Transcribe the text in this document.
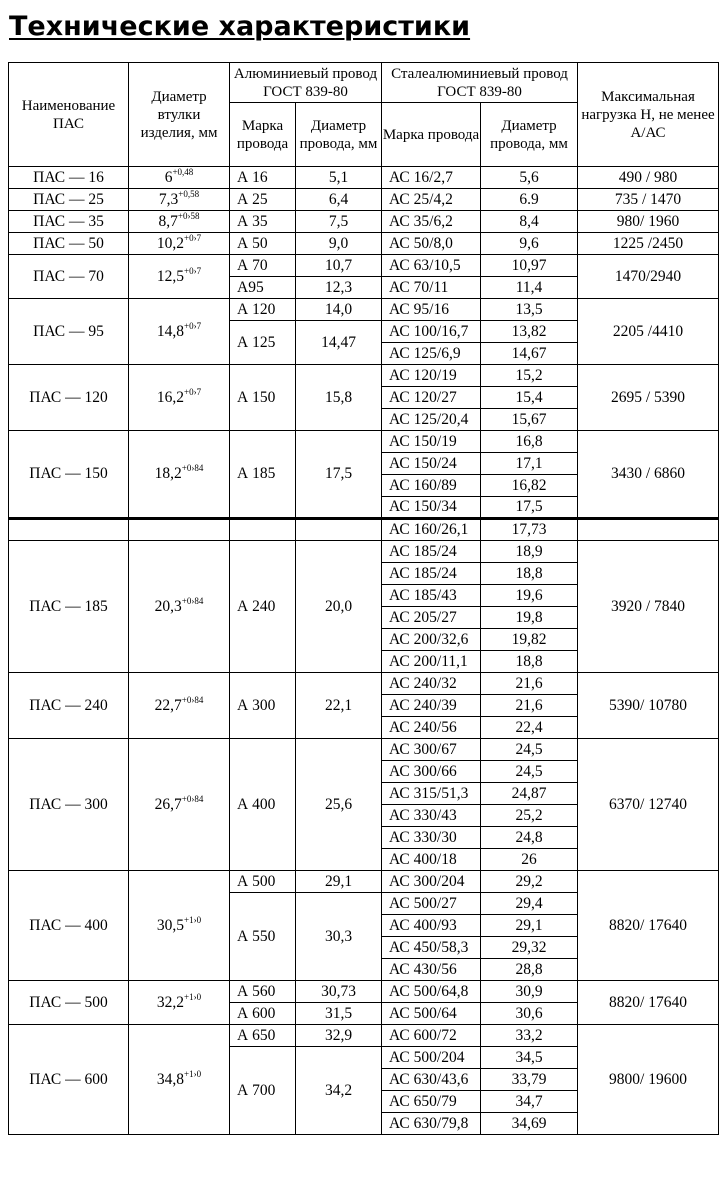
Технические характеристики
Наименование ПАС	Диаметр втулки изделия, мм	Алюминиевый провод ГОСТ 839-80		Сталеалюминиевый провод ГОСТ 839-80		Максимальная нагрузка Н, не менее А/АС
		Марка провода	Диаметр провода, мм	Марка провода	Диаметр провода, мм	
ПАС — 16	$6^{+0,48}$	А 16	5,1	АС 16/2,7	5,6	490 / 980
ПАС — 25	$7,3^{+0,58}$	А 25	6,4	АС 25/4,2	6.9	735 / 1470
ПАС — 35	$8,7^{+0›58}$	А 35	7,5	АС 35/6,2	8,4	980/ 1960
ПАС — 50	$10,2^{+0›7}$	А 50	9,0	АС 50/8,0	9,6	1225 /2450
ПАС — 70	$12,5^{+0›7}$	А 70	10,7	АС 63/10,5	10,97	1470/2940
		А95	12,3	АС 70/11	11,4	
ПАС — 95	$14,8^{+0›7}$	А 120	14,0	АС 95/16	13,5	2205 /4410
		А 125	14,47	АС 100/16,7	13,82	
				АС 125/6,9	14,67	
ПАС — 120	$16,2^{+0›7}$	А 150	15,8	АС 120/19	15,2	2695 / 5390
				АС 120/27	15,4	
				АС 125/20,4	15,67	
ПАС — 150	$18,2^{+0›84}$	А 185	17,5	АС 150/19	16,8	3430 / 6860
				АС 150/24	17,1	
				АС 160/89	16,82	
				АС 150/34	17,5	
				АС 160/26,1	17,73	
ПАС — 185	$20,3^{+0›84}$	А 240	20,0	АС 185/24	18,9	3920 / 7840
				АС 185/24	18,8	
				АС 185/43	19,6	
				АС 205/27	19,8	
				АС 200/32,6	19,82	
				АС 200/11,1	18,8	
ПАС — 240	$22,7^{+0›84}$	А 300	22,1	АС 240/32	21,6	5390/ 10780
				АС 240/39	21,6	
				АС 240/56	22,4	
ПАС — 300	$26,7^{+0›84}$	А 400	25,6	АС 300/67	24,5	6370/ 12740
				АС 300/66	24,5	
				АС 315/51,3	24,87	
				АС 330/43	25,2	
				АС 330/30	24,8	
				АС 400/18	26	
ПАС — 400	$30,5^{+1›0}$	А 500	29,1	АС 300/204	29,2	8820/ 17640
		А 550	30,3	АС 500/27	29,4	
				АС 400/93	29,1	
				АС 450/58,3	29,32	
				АС 430/56	28,8	
ПАС — 500	$32,2^{+1›0}$	А 560	30,73	АС 500/64,8	30,9	8820/ 17640
		А 600	31,5	АС 500/64	30,6	
ПАС — 600	$34,8^{+1›0}$	А 650	32,9	АС 600/72	33,2	9800/ 19600
		А 700	34,2	АС 500/204	34,5	
				АС 630/43,6	33,79	
				АС 650/79	34,7	
				АС 630/79,8	34,69	
